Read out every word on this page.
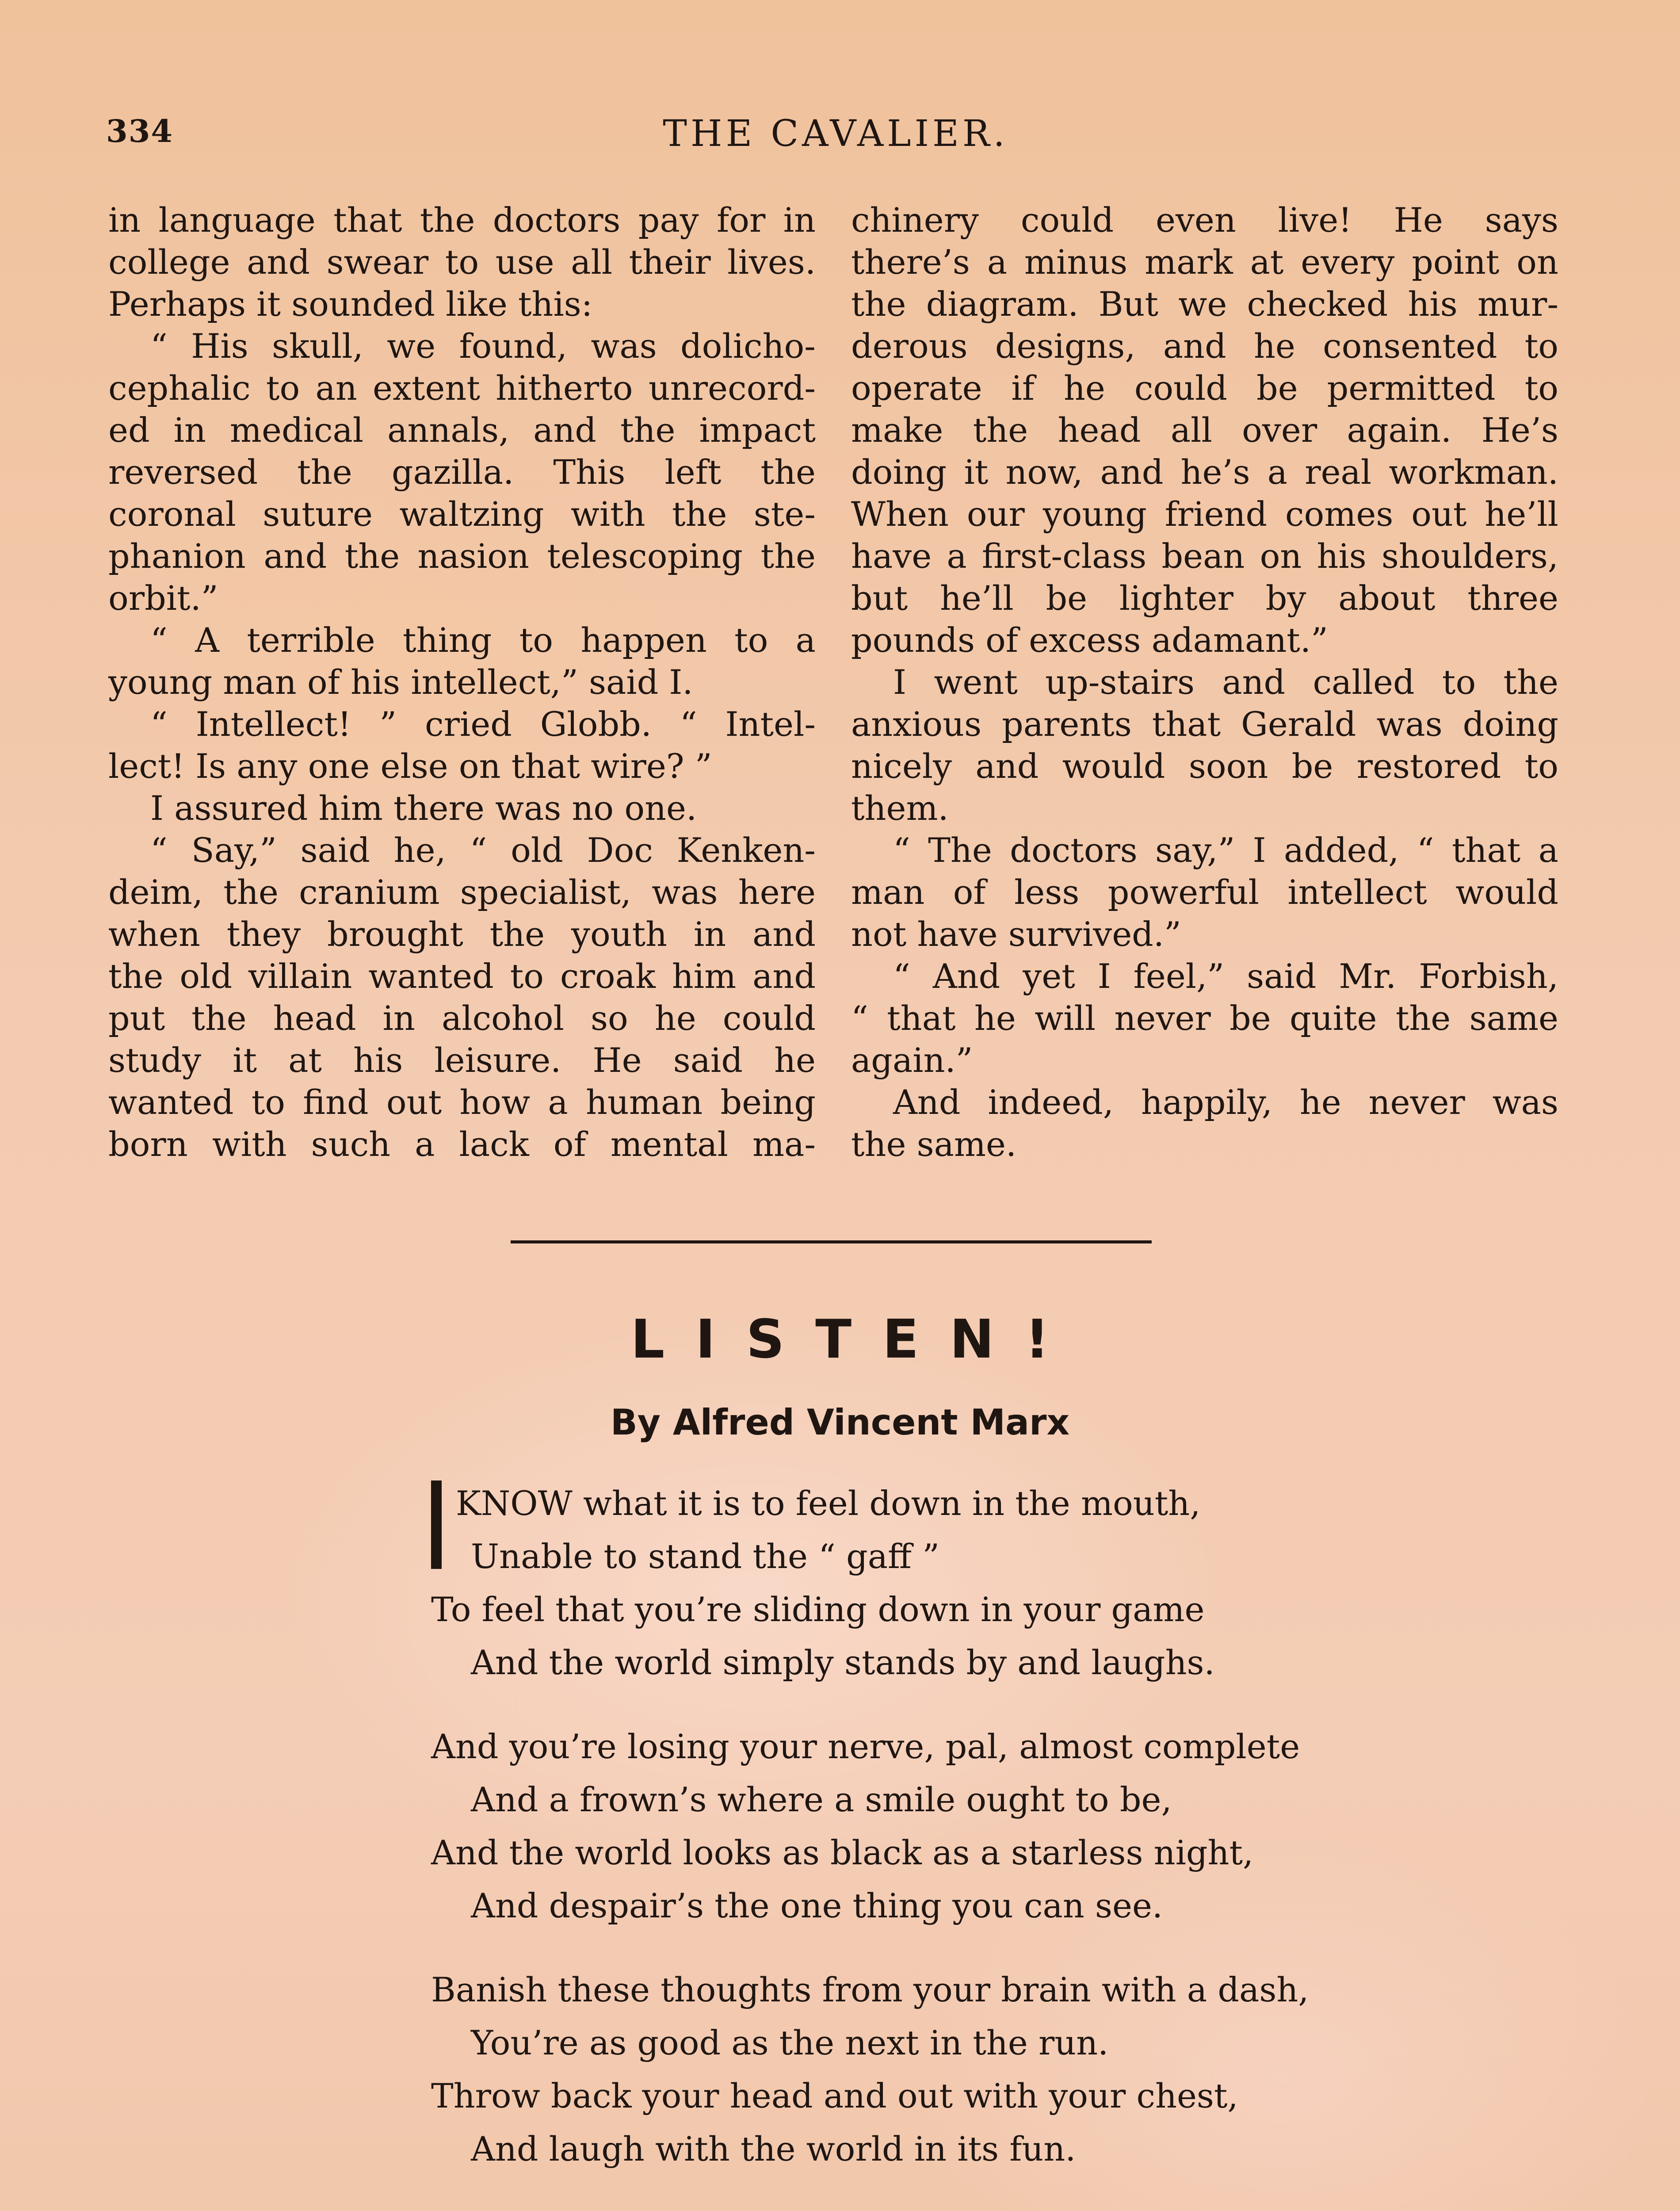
334	THE CAVALIER.
in language that the doctors pay for in
college and swear to use all their lives.
Perhaps it sounded like this:
“ His skull, we found, was dolicho-
cephalic to an extent hitherto unrecord-
ed in medical annals, and the impact
reversed the gazilla. This left the
coronal suture waltzing with the ste-
phanion and the nasion telescoping the
orbit.”
“ A terrible thing to happen to a
young man of his intellect,” said I.
“ Intellect! ” cried Globb. “ Intel-
lect! Is any one else on that wire? ”
I assured him there was no one.
“ Say,” said he, “ old Doc Kenken-
deim, the cranium specialist, was here
when they brought the youth in and
the old villain wanted to croak him and
put the head in alcohol so he could
study it at his leisure. He said he
wanted to find out how a human being
born with such a lack of mental ma-
chinery could even live! He says
there’s a minus mark at every point on
the diagram. But we checked his mur-
derous designs, and he consented to
operate if he could be permitted to
make the head all over again. He’s
doing it now, and he’s a real workman.
When our young friend comes out he’ll
have a first-class bean on his shoulders,
but he’ll be lighter by about three
pounds of excess adamant.”
I went up-stairs and called to the
anxious parents that Gerald was doing
nicely and would soon be restored to
them.
“ The doctors say,” I added, “ that a
man of less powerful intellect would
not have survived.”
“ And yet I feel,” said Mr. Forbish,
“ that he will never be quite the same
again.”
And indeed, happily, he never was
the same.
LISTEN!
By Alfred Vincent Marx
KNOW what it is to feel down in the mouth,
Unable to stand the “ gaff ”
To feel that you’re sliding down in your game
And the world simply stands by and laughs.
And you’re losing your nerve, pal, almost complete
And a frown’s where a smile ought to be,
And the world looks as black as a starless night,
And despair’s the one thing you can see.
Banish these thoughts from your brain with a dash,
You’re as good as the next in the run.
Throw back your head and out with your chest,
And laugh with the world in its fun.
